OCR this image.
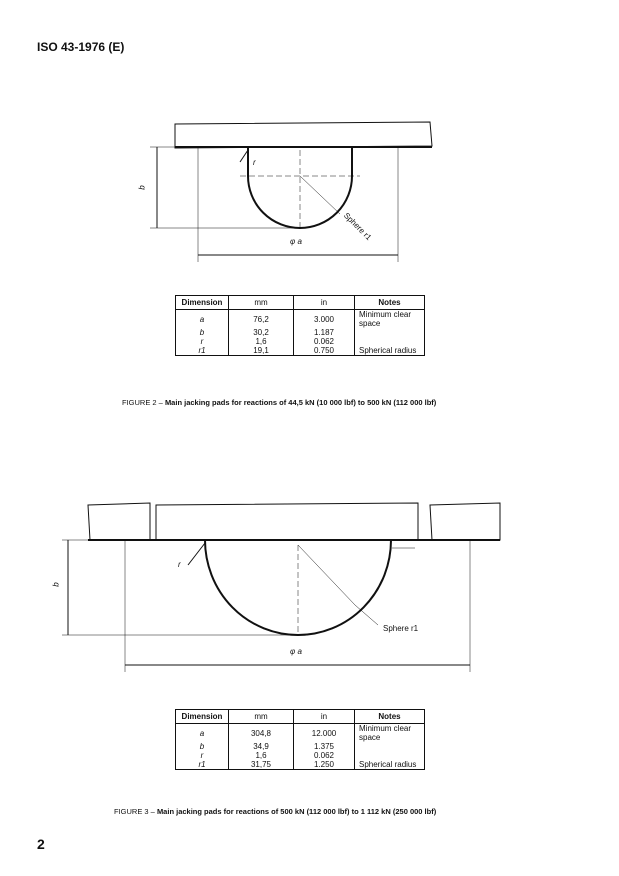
ISO 43-1976 (E)
b
r
Sphere r1
φ a
Dimension	mm	in	Notes
a	76,2	3.000	Minimum clear space
b	30,2	1.187	
r	1,6	0.062	
r1	19,1	0.750	Spherical radius
FIGURE 2 – Main jacking pads for reactions of 44,5 kN (10 000 lbf) to 500 kN (112 000 lbf)
b
r
Sphere r1
φ a
Dimension	mm	in	Notes
a	304,8	12.000	Minimum clear space
b	34,9	1.375	
r	1,6	0.062	
r1	31,75	1.250	Spherical radius
FIGURE 3 – Main jacking pads for reactions of 500 kN (112 000 lbf) to 1 112 kN (250 000 lbf)
2
